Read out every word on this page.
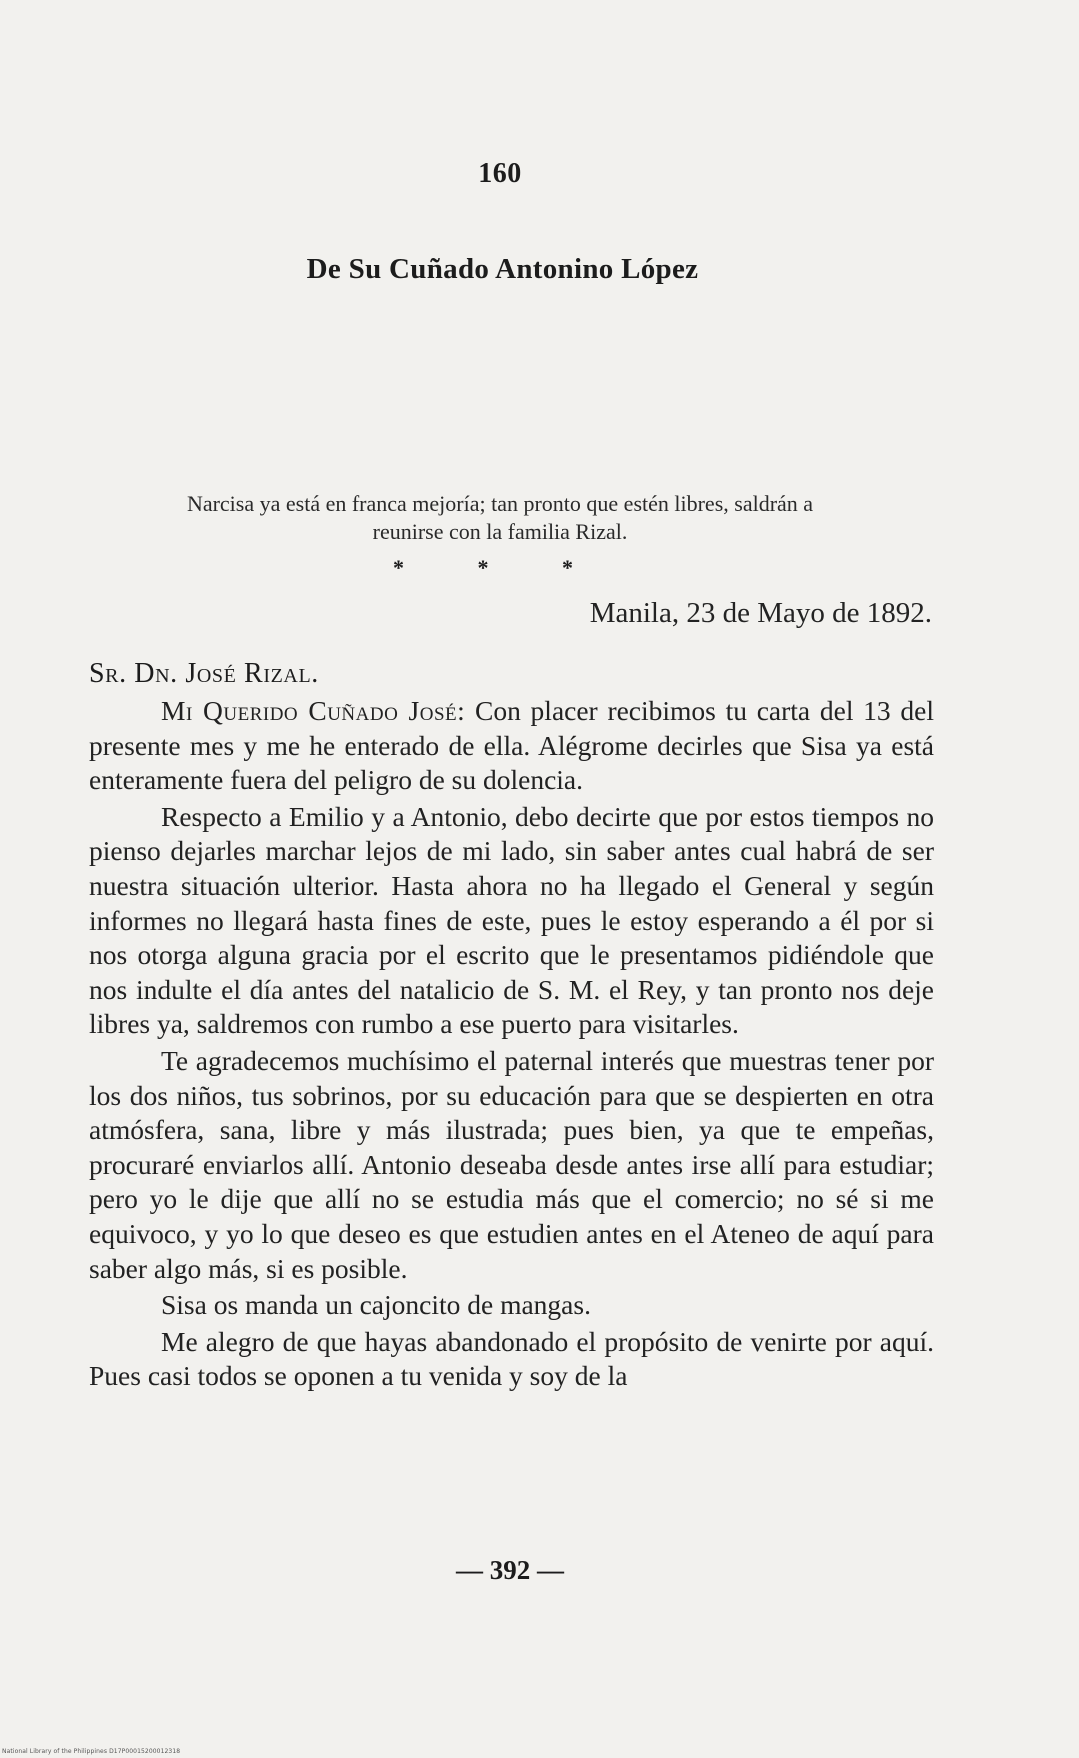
160
De Su Cuñado Antonino López
Narcisa ya está en franca mejoría; tan pronto que estén libres, saldrán a reunirse con la familia Rizal.
* * *
Manila, 23 de Mayo de 1892.
Sr. Dn. José Rizal.

Mi Querido Cuñado José: Con placer recibimos tu carta del 13 del presente mes y me he enterado de ella. Alégrome decirles que Sisa ya está enteramente fuera del peligro de su dolencia.

Respecto a Emilio y a Antonio, debo decirte que por estos tiempos no pienso dejarles marchar lejos de mi lado, sin saber antes cual habrá de ser nuestra situación ulterior. Hasta ahora no ha llegado el General y según informes no llegará hasta fines de este, pues le estoy esperando a él por si nos otorga alguna gracia por el escrito que le presentamos pidiéndole que nos indulte el día antes del natalicio de S. M. el Rey, y tan pronto nos deje libres ya, saldremos con rumbo a ese puerto para visitarles.

Te agradecemos muchísimo el paternal interés que muestras tener por los dos niños, tus sobrinos, por su educación para que se despierten en otra atmósfera, sana, libre y más ilustrada; pues bien, ya que te empeñas, procuraré enviarlos allí. Antonio deseaba desde antes irse allí para estudiar; pero yo le dije que allí no se estudia más que el comercio; no sé si me equivoco, y yo lo que deseo es que estudien antes en el Ateneo de aquí para saber algo más, si es posible.

Sisa os manda un cajoncito de mangas.

Me alegro de que hayas abandonado el propósito de venirte por aquí. Pues casi todos se oponen a tu venida y soy de la

— 392 —
National Library of the Philippines D17P00015200012318
